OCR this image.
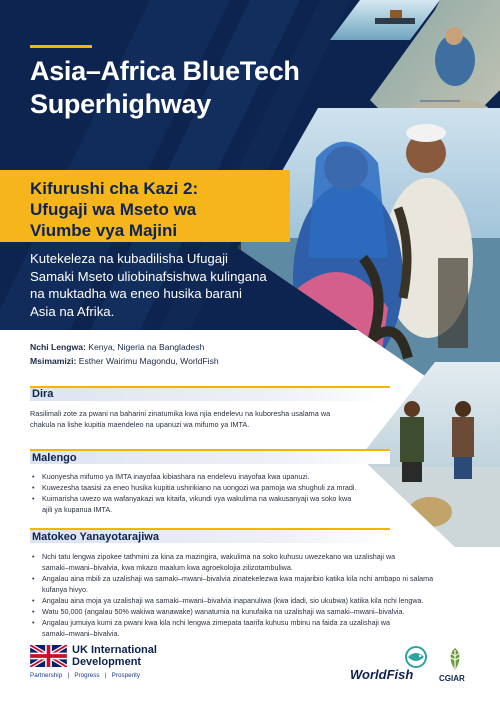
Asia–Africa BlueTech
Superhighway
Kifurushi cha Kazi 2:
Ufugaji wa Mseto wa
Viumbe vya Majini
Kutekeleza na kubadilisha Ufugaji
Samaki Mseto uliobinafsishwa kulingana
na muktadha wa eneo husika barani
Asia na Afrika.
Nchi Lengwa: Kenya, Nigeria na Bangladesh
Msimamizi: Esther Wairimu Magondu, WorldFish
Dira
Rasilimali zote za pwani na baharini zinatumika kwa njia endelevu na kuboresha usalama wa
chakula na lishe kupitia maendeleo na upanuzi wa mifumo ya IMTA.
Malengo
• Kuonyesha mifumo ya IMTA inayofaa kibiashara na endelevu inayofaa kwa upanuzi.
• Kuwezesha taasisi za eneo husika kupitia ushirikiano na uongozi wa pamoja wa shughuli za mradi.
• Kuimarisha uwezo wa wafanyakazi wa kitaifa, vikundi vya wakulima na wakusanyaji wa soko kwa
ajili ya kupanua IMTA.
Matokeo Yanayotarajiwa
• Nchi tatu lengwa zipokee tathmini za kina za mazingira, wakulima na soko kuhusu uwezekano wa uzalishaji wa
samaki–mwani–bivalvia, kwa mkazo maalum kwa agroekolojia zilizotambuliwa.
• Angalau aina mbili za uzalishaji wa samaki–mwani–bivalvia zinatekelezwa kwa majaribio katika kila nchi ambapo ni salama
kufanya hivyo.
• Angalau aina moja ya uzalishaji wa samaki–mwani–bivalvia inapanuliwa (kwa idadi, sio ukubwa) katika kila nchi lengwa.
• Watu 50,000 (angalau 50% wakiwa wanawake) wanatumia na kunufaika na uzalishaji wa samaki–mwani–bivalvia.
• Angalau jumuiya kumi za pwani kwa kila nchi lengwa zimepata taarifa kuhusu mbinu na faida za uzalishaji wa
samaki–mwani–bivalvia.
UK International
Development
Partnership   |   Progress   |   Prosperity	WorldFish	CGIAR
